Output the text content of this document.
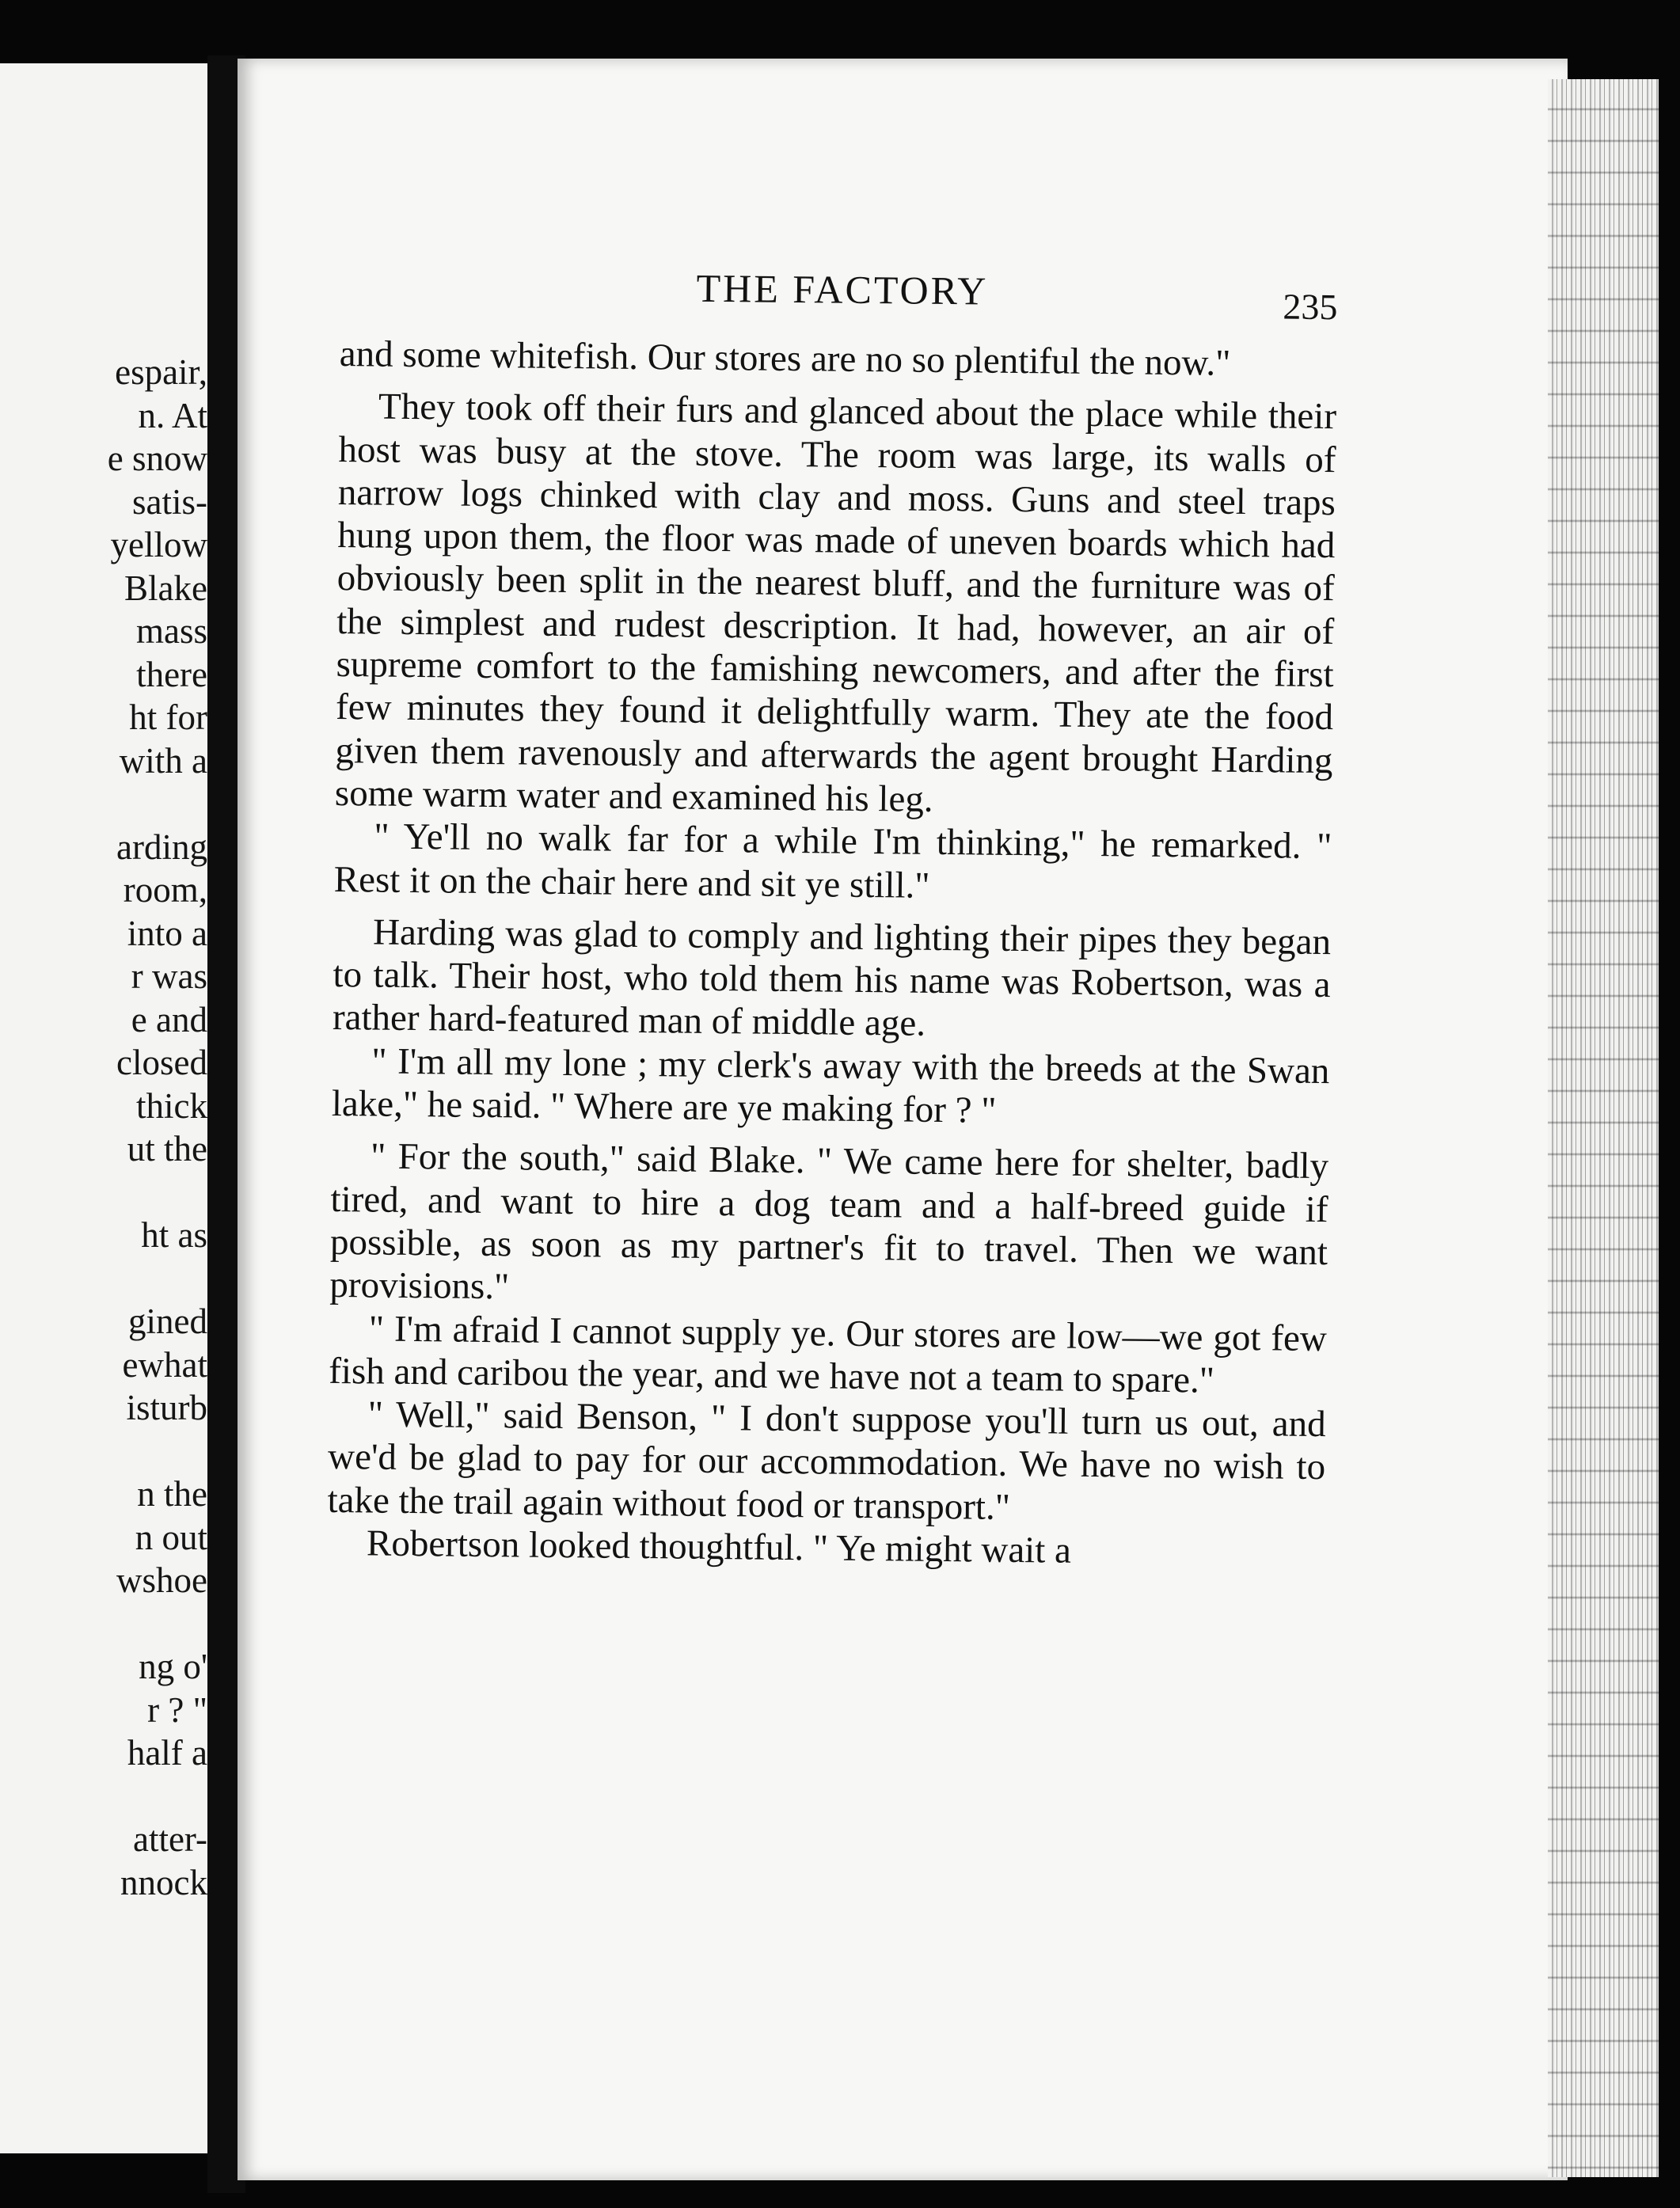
espair,
n. At
e snow
satis-
yellow
Blake
mass
there
ht for
with a
arding
room,
into a
r was
e and
closed
thick
ut the
ht as
gined
ewhat
isturb
n the
n out
wshoe
ng o'
r ? "
half a
atter-
nnock
THE FACTORY	235

and some whitefish. Our stores are no so plentiful the now."

They took off their furs and glanced about the place while their host was busy at the stove. The room was large, its walls of narrow logs chinked with clay and moss. Guns and steel traps hung upon them, the floor was made of uneven boards which had obviously been split in the nearest bluff, and the furniture was of the simplest and rudest description. It had, however, an air of supreme comfort to the famishing newcomers, and after the first few minutes they found it delightfully warm. They ate the food given them ravenously and afterwards the agent brought Harding some warm water and examined his leg.

" Ye'll no walk far for a while I'm thinking," he remarked. " Rest it on the chair here and sit ye still."

Harding was glad to comply and lighting their pipes they began to talk. Their host, who told them his name was Robertson, was a rather hard-featured man of middle age.

" I'm all my lone ; my clerk's away with the breeds at the Swan lake," he said. " Where are ye making for ? "

" For the south," said Blake. " We came here for shelter, badly tired, and want to hire a dog team and a half-breed guide if possible, as soon as my partner's fit to travel. Then we want provisions."

" I'm afraid I cannot supply ye. Our stores are low—we got few fish and caribou the year, and we have not a team to spare."

" Well," said Benson, " I don't suppose you'll turn us out, and we'd be glad to pay for our accommodation. We have no wish to take the trail again without food or transport."

Robertson looked thoughtful. " Ye might wait a
